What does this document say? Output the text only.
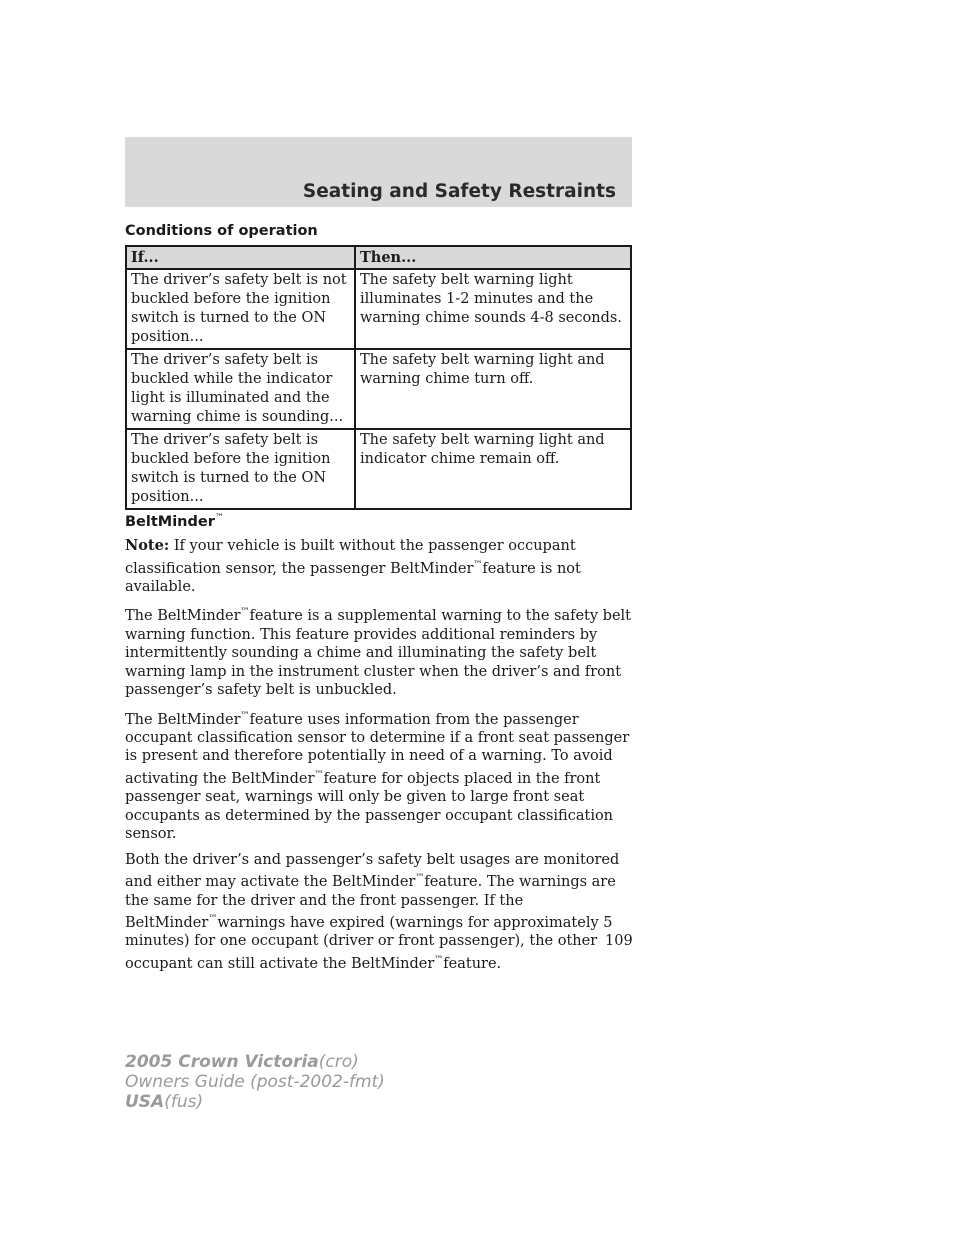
Seating and Safety Restraints
Conditions of operation
If...	Then...
The driver’s safety belt is not buckled before the ignition switch is turned to the ON position...	The safety belt warning light illuminates 1-2 minutes and the warning chime sounds 4-8 seconds.
The driver’s safety belt is buckled while the indicator light is illuminated and the warning chime is sounding...	The safety belt warning light and warning chime turn off.
The driver’s safety belt is buckled before the ignition switch is turned to the ON position...	The safety belt warning light and indicator chime remain off.
BeltMinder™

Note: If your vehicle is built without the passenger occupant classification sensor, the passenger BeltMinder™feature is not available.

The BeltMinder™feature is a supplemental warning to the safety belt warning function. This feature provides additional reminders by intermittently sounding a chime and illuminating the safety belt warning lamp in the instrument cluster when the driver’s and front passenger’s safety belt is unbuckled.

The BeltMinder™feature uses information from the passenger occupant classification sensor to determine if a front seat passenger is present and therefore potentially in need of a warning. To avoid activating the BeltMinder™feature for objects placed in the front passenger seat, warnings will only be given to large front seat occupants as determined by the passenger occupant classification sensor.

Both the driver’s and passenger’s safety belt usages are monitored and either may activate the BeltMinder™feature. The warnings are the same for the driver and the front passenger. If the BeltMinder™warnings have expired (warnings for approximately 5 minutes) for one occupant (driver or front passenger), the other occupant can still activate the BeltMinder™feature.

109
2005 Crown Victoria(cro)
Owners Guide (post-2002-fmt)
USA(fus)
